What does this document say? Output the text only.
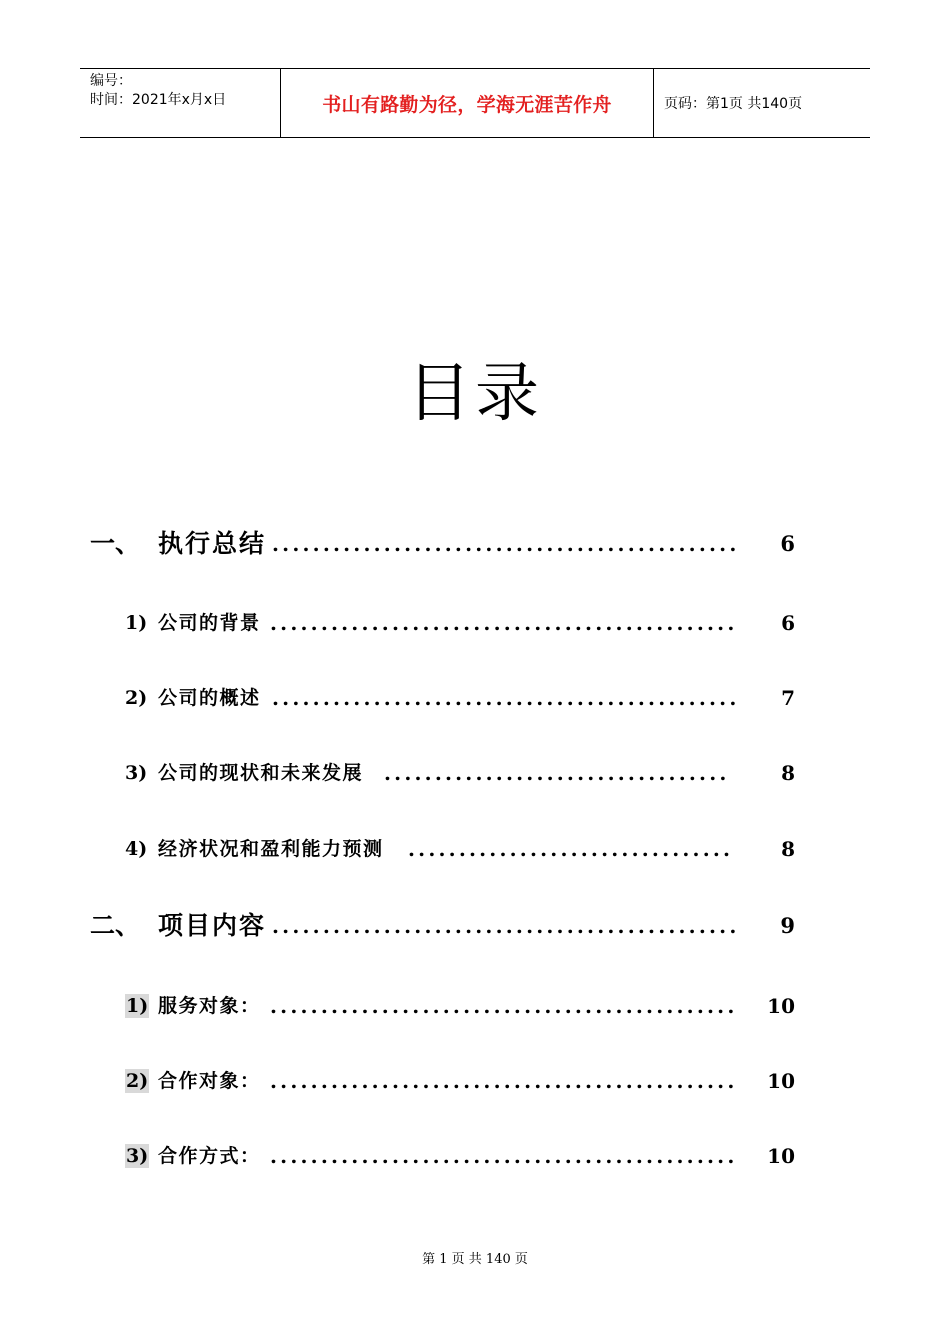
编号：
时间：2021年x月x日	书山有路勤为径，学海无涯苦作舟	页码：第1页 共140页
目录
一、 执行总结 ..............................................	6
1) 公司的背景 ..............................................	6
2) 公司的概述 ..............................................	7
3) 公司的现状和未来发展 ..................................	8
4) 经济状况和盈利能力预测 ................................	8
二、 项目内容 ..............................................	9
1) 服务对象： ..............................................	10
2) 合作对象： ..............................................	10
3) 合作方式： ..............................................	10
第 1 页 共 140 页
